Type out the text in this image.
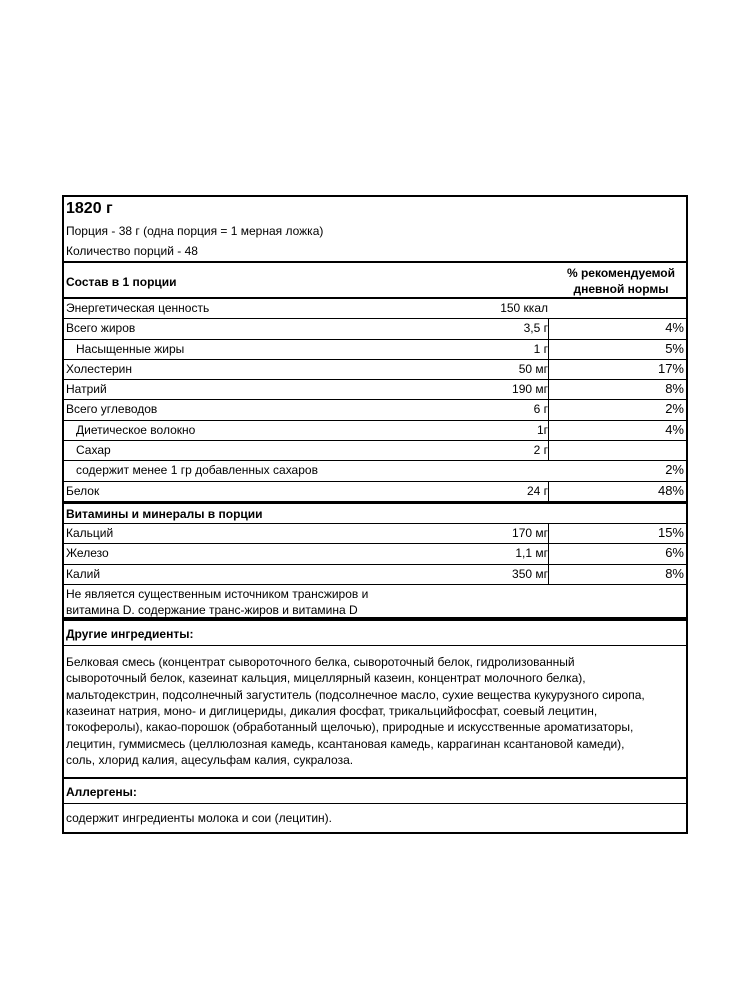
1820 г
Порция - 38 г (одна порция = 1 мерная ложка)
Количество порций - 48
Состав в 1 порции
% рекомендуемой
дневной нормы
Энергетическая ценность	150 ккал
Всего жиров	3,5 г	4%
Насыщенные жиры	1 г	5%
Холестерин	50 мг	17%
Натрий	190 мг	8%
Всего углеводов	6 г	2%
Диетическое волокно	1г	4%
Сахар	2 г
содержит менее 1 гр добавленных сахаров	2%
Белок	24 г	48%
Витамины и минералы в порции
Кальций	170 мг	15%
Железо	1,1 мг	6%
Калий	350 мг	8%
Не является существенным источником трансжиров и
витамина D. содержание транс-жиров и витамина D
Другие ингредиенты:
Белковая смесь (концентрат сывороточного белка, сывороточный белок, гидролизованный
сывороточный белок, казеинат кальция, мицеллярный казеин, концентрат молочного белка),
мальтодекстрин, подсолнечный загуститель (подсолнечное масло, сухие вещества кукурузного сиропа,
казеинат натрия, моно- и диглицериды, дикалия фосфат, трикальцийфосфат, соевый лецитин,
токоферолы), какао-порошок (обработанный щелочью), природные и искусственные ароматизаторы,
лецитин, гуммисмесь (целлюлозная камедь, ксантановая камедь, каррагинан ксантановой камеди),
соль, хлорид калия, ацесульфам калия, сукралоза.
Аллергены:
содержит ингредиенты молока и сои (лецитин).
